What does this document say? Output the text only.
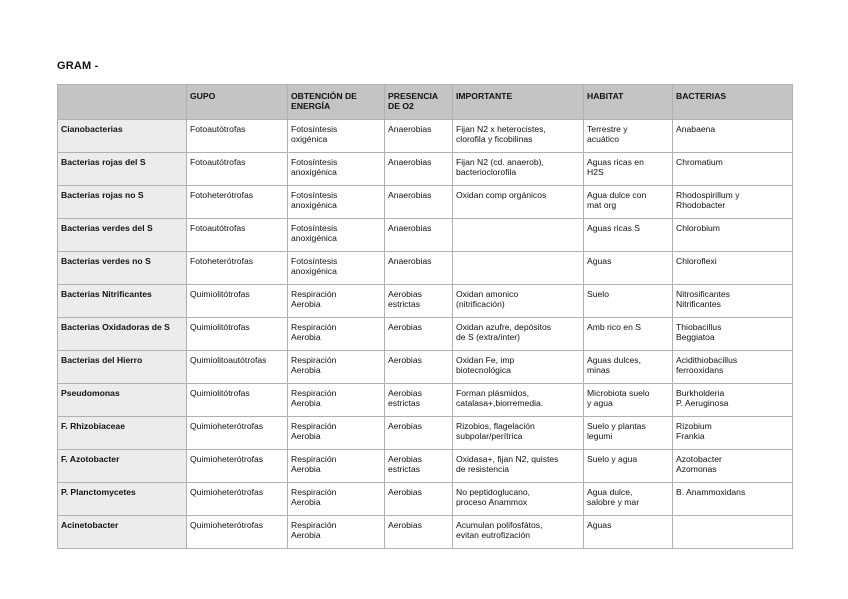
GRAM -

	GUPO	OBTENCIÓN DE ENERGÍA	PRESENCIA DE O2	IMPORTANTE	HABITAT	BACTERIAS

Cianobacterias	Fotoautótrofas	Fotosíntesis
oxigénica	Anaerobias	Fijan N2 x heterocistes,
clorofila y ficobilinas	Terrestre y
acuático	Anabaena

Bacterias rojas del S	Fotoautótrofas	Fotosíntesis
anoxigénica	Anaerobias	Fijan N2 (cd. anaerob),
bacterioclorofila	Aguas ricas en
H2S	Chromatium

Bacterias rojas no S	Fotoheterótrofas	Fotosíntesis
anoxigénica	Anaerobias	Oxidan comp orgánicos	Agua dulce con
mat org	Rhodospirillum y
Rhodobacter

Bacterias verdes del S	Fotoautótrofas	Fotosíntesis
anoxigénica	Anaerobias		Aguas ricas S	Chlorobium

Bacterias verdes no S	Fotoheterótrofas	Fotosíntesis
anoxigénica	Anaerobias		Aguas	Chloroflexi

Bacterias Nitrificantes	Quimiolitótrofas	Respiración
Aerobia	Aerobias
estrictas	Oxidan amonico
(nitrificación)	Suelo	Nitrosificantes
Nitrificantes

Bacterias Oxidadoras de S	Quimiolitótrofas	Respiración
Aerobia	Aerobias	Oxidan azufre, depósitos
de S (extra/inter)	Amb rico en S	Thiobacillus
Beggiatoa

Bacterias del Hierro	Quimiolitoautótrofas	Respiración
Aerobia	Aerobias	Oxidan Fe, imp
biotecnológica	Aguas dulces,
minas	Acidithiobacillus
ferrooxidans

Pseudomonas	Quimiolitótrofas	Respiración
Aerobia	Aerobias
estrictas	Forman plásmidos,
catalasa+,biorremedia.	Microbiota suelo
y agua	Burkholderia
P. Aeruginosa

F. Rhizobiaceae	Quimioheterótrofas	Respiración
Aerobia	Aerobias	Rizobios, flagelación
subpolar/perítrica	Suelo y plantas
legumi	Rizobium
Frankia

F. Azotobacter	Quimioheterótrofas	Respiración
Aerobia	Aerobias
estrictas	Oxidasa+, fijan N2, quistes
de resistencia	Suelo y agua	Azotobacter
Azomonas

P. Planctomycetes	Quimioheterótrofas	Respiración
Aerobia	Aerobias	No peptidoglucano,
proceso Anammox	Agua dulce,
salobre y mar	B. Anammoxidans

Acinetobacter	Quimioheterótrofas	Respiración
Aerobia	Aerobias	Acumulan polifosfátos,
evitan eutrofización	Aguas	
